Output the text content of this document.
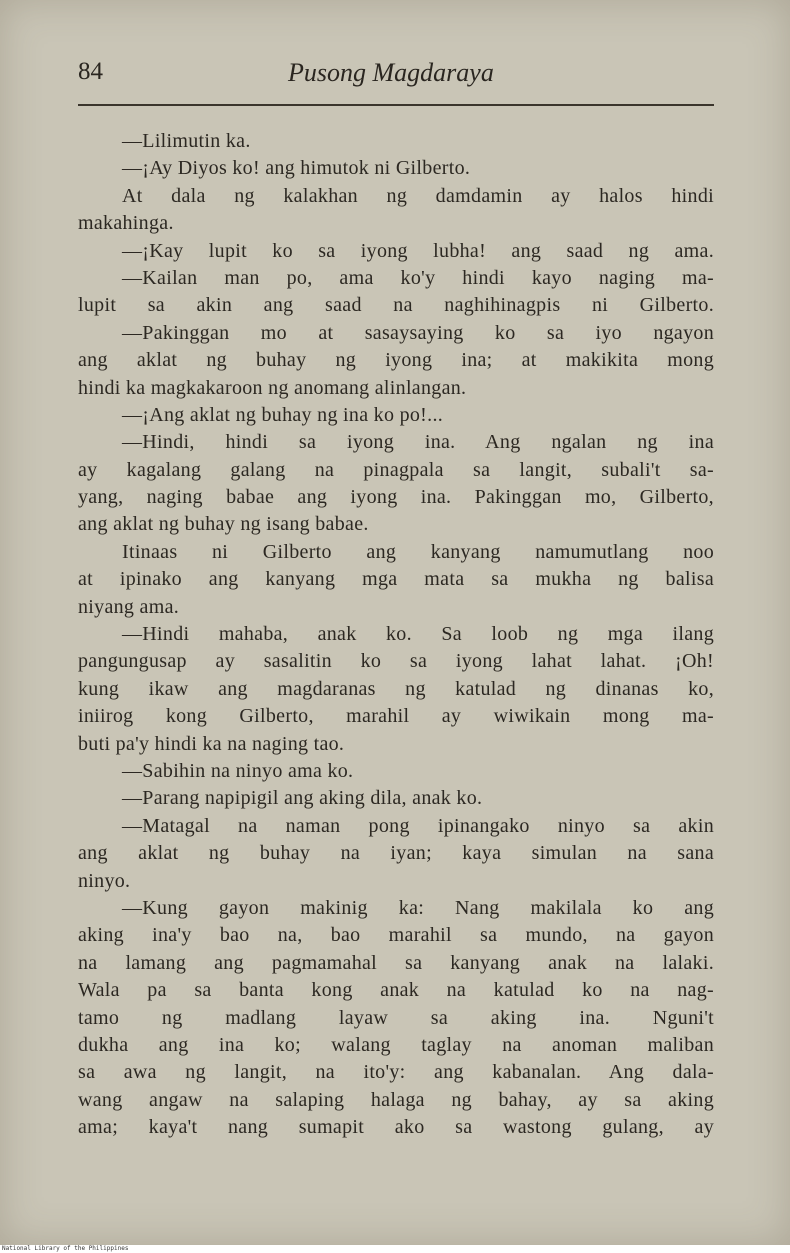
84	Pusong Magdaraya
—Lilimutin ka.
—¡Ay Diyos ko! ang himutok ni Gilberto.
At dala ng kalakhan ng damdamin ay halos hindi
makahinga.
—¡Kay lupit ko sa iyong lubha! ang saad ng ama.
—Kailan man po, ama ko'y hindi kayo naging ma-
lupit sa akin ang saad na naghihinagpis ni Gilberto.
—Pakinggan mo at sasaysaying ko sa iyo ngayon
ang aklat ng buhay ng iyong ina; at makikita mong
hindi ka magkakaroon ng anomang alinlangan.
—¡Ang aklat ng buhay ng ina ko po!...
—Hindi, hindi sa iyong ina. Ang ngalan ng ina
ay kagalang galang na pinagpala sa langit, subali't sa-
yang, naging babae ang iyong ina. Pakinggan mo, Gilberto,
ang aklat ng buhay ng isang babae.
Itinaas ni Gilberto ang kanyang namumutlang noo
at ipinako ang kanyang mga mata sa mukha ng balisa
niyang ama.
—Hindi mahaba, anak ko. Sa loob ng mga ilang
pangungusap ay sasalitin ko sa iyong lahat lahat. ¡Oh!
kung ikaw ang magdaranas ng katulad ng dinanas ko,
iniirog kong Gilberto, marahil ay wiwikain mong ma-
buti pa'y hindi ka na naging tao.
—Sabihin na ninyo ama ko.
—Parang napipigil ang aking dila, anak ko.
—Matagal na naman pong ipinangako ninyo sa akin
ang aklat ng buhay na iyan; kaya simulan na sana
ninyo.
—Kung gayon makinig ka: Nang makilala ko ang
aking ina'y bao na, bao marahil sa mundo, na gayon
na lamang ang pagmamahal sa kanyang anak na lalaki.
Wala pa sa banta kong anak na katulad ko na nag-
tamo ng madlang layaw sa aking ina. Nguni't
dukha ang ina ko; walang taglay na anoman maliban
sa awa ng langit, na ito'y: ang kabanalan. Ang dala-
wang angaw na salaping halaga ng bahay, ay sa aking
ama; kaya't nang sumapit ako sa wastong gulang, ay
National Library of the Philippines
